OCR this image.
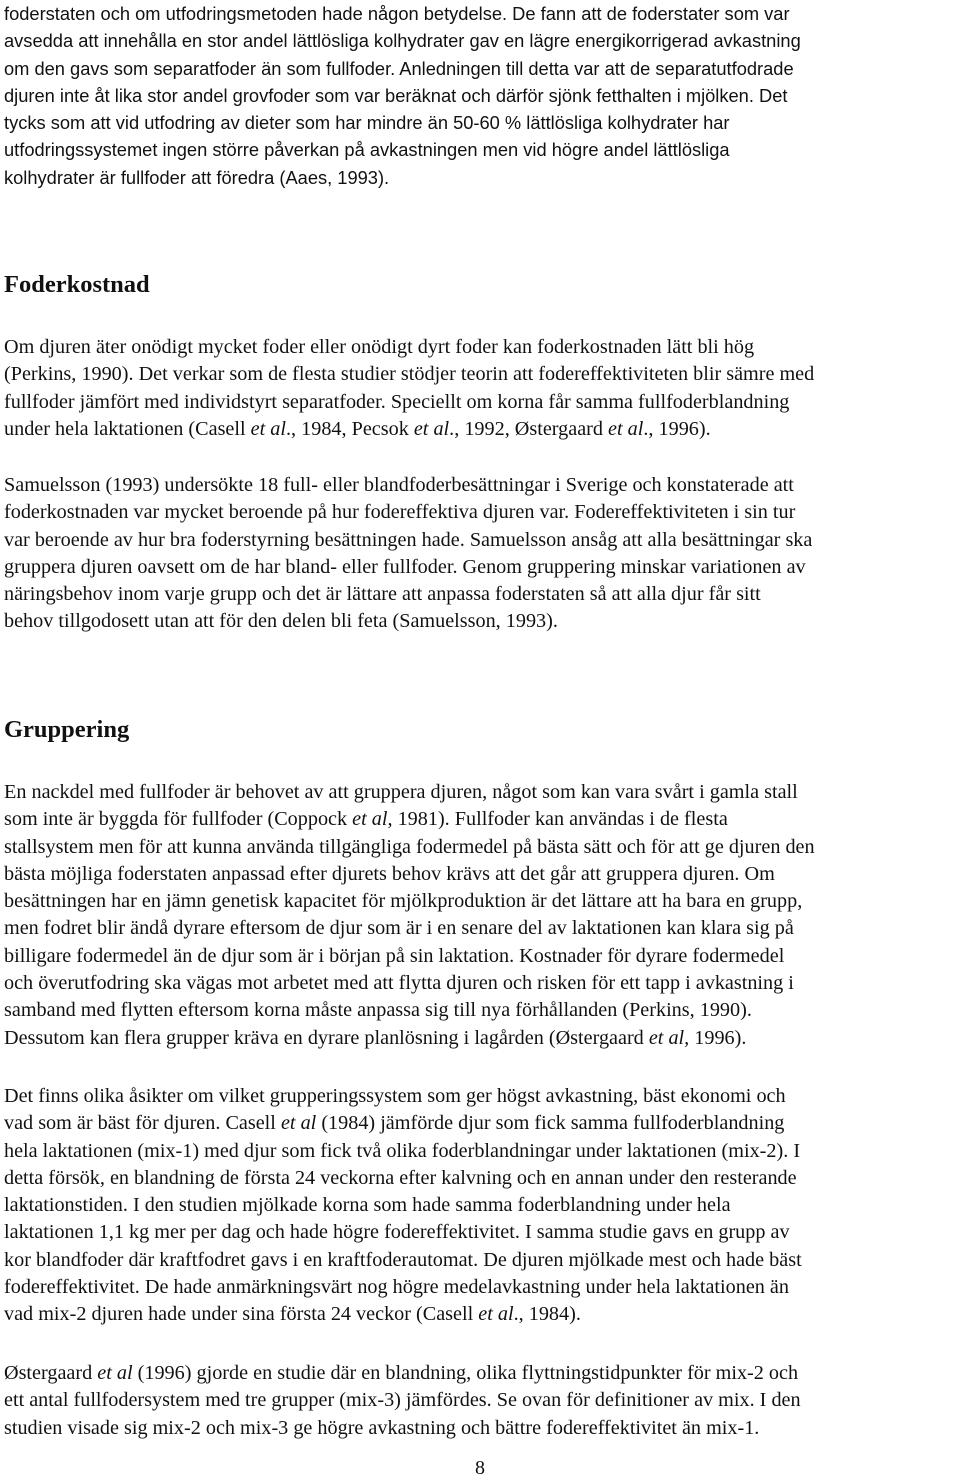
foderstaten och om utfodringsmetoden hade någon betydelse. De fann att de foderstater som var
avsedda att innehålla en stor andel lättlösliga kolhydrater gav en lägre energikorrigerad avkastning
om den gavs som separatfoder än som fullfoder. Anledningen till detta var att de separatutfodrade
djuren inte åt lika stor andel grovfoder som var beräknat och därför sjönk fetthalten i mjölken. Det
tycks som att vid utfodring av dieter som har mindre än 50-60 % lättlösliga kolhydrater har
utfodringssystemet ingen större påverkan på avkastningen men vid högre andel lättlösliga
kolhydrater är fullfoder att föredra (Aaes, 1993).
Foderkostnad
Om djuren äter onödigt mycket foder eller onödigt dyrt foder kan foderkostnaden lätt bli hög
(Perkins, 1990). Det verkar som de flesta studier stödjer teorin att fodereffektiviteten blir sämre med
fullfoder jämfört med individstyrt separatfoder. Speciellt om korna får samma fullfoderblandning
under hela laktationen (Casell et al., 1984, Pecsok et al., 1992, Østergaard et al., 1996).
Samuelsson (1993) undersökte 18 full- eller blandfoderbesättningar i Sverige och konstaterade att
foderkostnaden var mycket beroende på hur fodereffektiva djuren var. Fodereffektiviteten i sin tur
var beroende av hur bra foderstyrning besättningen hade. Samuelsson ansåg att alla besättningar ska
gruppera djuren oavsett om de har bland- eller fullfoder. Genom gruppering minskar variationen av
näringsbehov inom varje grupp och det är lättare att anpassa foderstaten så att alla djur får sitt
behov tillgodosett utan att för den delen bli feta (Samuelsson, 1993).
Gruppering
En nackdel med fullfoder är behovet av att gruppera djuren, något som kan vara svårt i gamla stall
som inte är byggda för fullfoder (Coppock et al, 1981). Fullfoder kan användas i de flesta
stallsystem men för att kunna använda tillgängliga fodermedel på bästa sätt och för att ge djuren den
bästa möjliga foderstaten anpassad efter djurets behov krävs att det går att gruppera djuren. Om
besättningen har en jämn genetisk kapacitet för mjölkproduktion är det lättare att ha bara en grupp,
men fodret blir ändå dyrare eftersom de djur som är i en senare del av laktationen kan klara sig på
billigare fodermedel än de djur som är i början på sin laktation. Kostnader för dyrare fodermedel
och överutfodring ska vägas mot arbetet med att flytta djuren och risken för ett tapp i avkastning i
samband med flytten eftersom korna måste anpassa sig till nya förhållanden (Perkins, 1990).
Dessutom kan flera grupper kräva en dyrare planlösning i lagården (Østergaard et al, 1996).
Det finns olika åsikter om vilket grupperingssystem som ger högst avkastning, bäst ekonomi och
vad som är bäst för djuren. Casell et al (1984) jämförde djur som fick samma fullfoderblandning
hela laktationen (mix-1) med djur som fick två olika foderblandningar under laktationen (mix-2). I
detta försök, en blandning de första 24 veckorna efter kalvning och en annan under den resterande
laktationstiden. I den studien mjölkade korna som hade samma foderblandning under hela
laktationen 1,1 kg mer per dag och hade högre fodereffektivitet. I samma studie gavs en grupp av
kor blandfoder där kraftfodret gavs i en kraftfoderautomat. De djuren mjölkade mest och hade bäst
fodereffektivitet. De hade anmärkningsvärt nog högre medelavkastning under hela laktationen än
vad mix-2 djuren hade under sina första 24 veckor (Casell et al., 1984).
Østergaard et al (1996) gjorde en studie där en blandning, olika flyttningstidpunkter för mix-2 och
ett antal fullfodersystem med tre grupper (mix-3) jämfördes. Se ovan för definitioner av mix. I den
studien visade sig mix-2 och mix-3 ge högre avkastning och bättre fodereffektivitet än mix-1.
8
